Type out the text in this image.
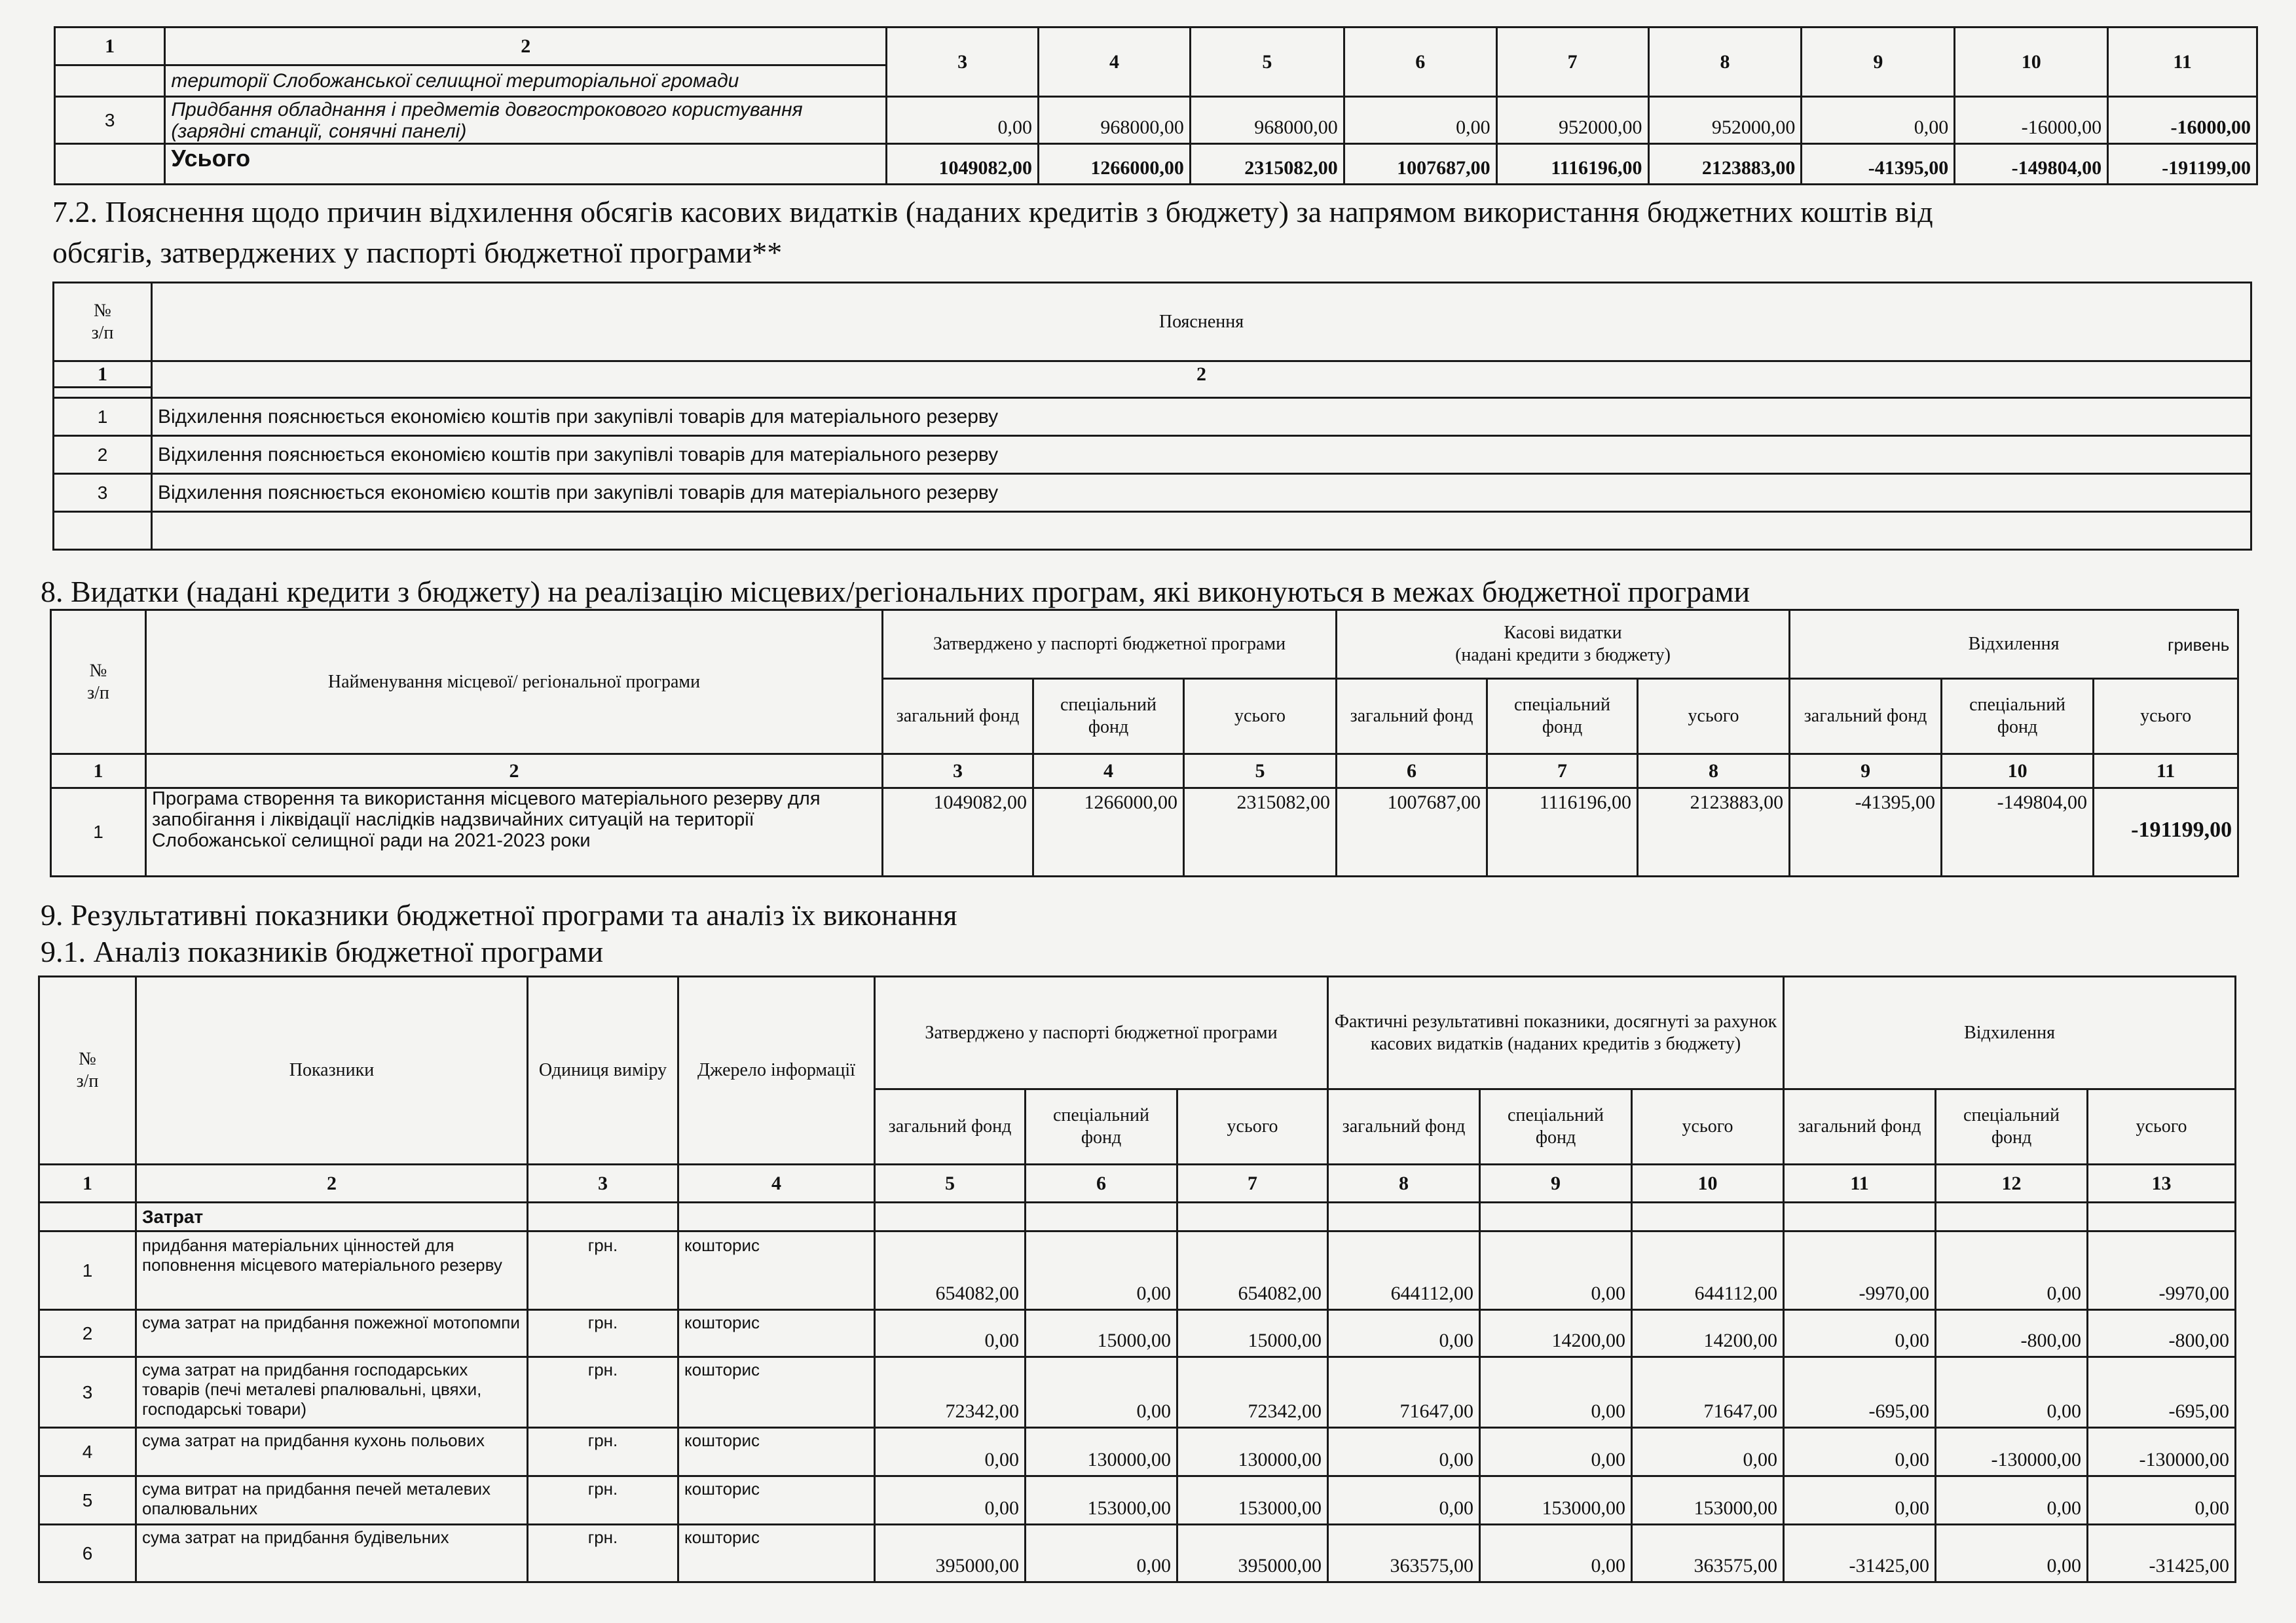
1	2	3	4	5	6	7	8	9	10	11
	території Слобожанської селищної територіальної громади									
3	Придбання обладнання і предметів довгострокового користування (зарядні станції, сонячні панелі)	0,00	968000,00	968000,00	0,00	952000,00	952000,00	0,00	-16000,00	-16000,00
	Усього	1049082,00	1266000,00	2315082,00	1007687,00	1116196,00	2123883,00	-41395,00	-149804,00	-191199,00
7.2. Пояснення щодо причин відхилення обсягів касових видатків (наданих кредитів з бюджету) за напрямом використання бюджетних коштів від
обсягів, затверджених у паспорті бюджетної програми**
№
з/п	Пояснення
1	2

1	Відхилення пояснюється економією коштів при закупівлі товарів для матеріального резерву
2	Відхилення пояснюється економією коштів при закупівлі товарів для матеріального резерву
3	Відхилення пояснюється економією коштів при закупівлі товарів для матеріального резерву

8. Видатки (надані кредити з бюджету) на реалізацію місцевих/регіональних програм, які виконуються в межах бюджетної програми
гривень
№
з/п	Найменування місцевої/ регіональної програми	Затверджено у паспорті бюджетної програми			Касові видатки
(надані кредити з бюджету)			Відхилення		
		загальний фонд	спеціальний фонд	усього	загальний фонд	спеціальний фонд	усього	загальний фонд	спеціальний фонд	усього
1	2	3	4	5	6	7	8	9	10	11
1	Програма створення та використання місцевого матеріального резерву для запобігання і ліквідації наслідків надзвичайних ситуацій на території Слобожанської селищної ради на 2021-2023 роки	1049082,00	1266000,00	2315082,00	1007687,00	1116196,00	2123883,00	-41395,00	-149804,00	-191199,00
9. Результативні показники бюджетної програми та аналіз їх виконання
9.1. Аналіз показників бюджетної програми
№
з/п	Показники	Одиниця виміру	Джерело інформації	Затверджено у паспорті бюджетної програми			Фактичні результативні показники, досягнуті за рахунок касових видатків (наданих кредитів з бюджету)			Відхилення		
				загальний фонд	спеціальний фонд	усього	загальний фонд	спеціальний фонд	усього	загальний фонд	спеціальний фонд	усього
1	2	3	4	5	6	7	8	9	10	11	12	13
	Затрат											
1	придбання матеріальних цінностей для поповнення місцевого матеріального резерву	грн.	кошторис	654082,00	0,00	654082,00	644112,00	0,00	644112,00	-9970,00	0,00	-9970,00
2	сума затрат на придбання пожежної мотопомпи	грн.	кошторис	0,00	15000,00	15000,00	0,00	14200,00	14200,00	0,00	-800,00	-800,00
3	сума затрат на придбання господарських товарів (печі металеві рпалювальні, цвяхи, господарські товари)	грн.	кошторис	72342,00	0,00	72342,00	71647,00	0,00	71647,00	-695,00	0,00	-695,00
4	сума затрат на придбання кухонь польових	грн.	кошторис	0,00	130000,00	130000,00	0,00	0,00	0,00	0,00	-130000,00	-130000,00
5	сума витрат на придбання печей металевих опалювальних	грн.	кошторис	0,00	153000,00	153000,00	0,00	153000,00	153000,00	0,00	0,00	0,00
6	сума затрат на придбання будівельних	грн.	кошторис	395000,00	0,00	395000,00	363575,00	0,00	363575,00	-31425,00	0,00	-31425,00
